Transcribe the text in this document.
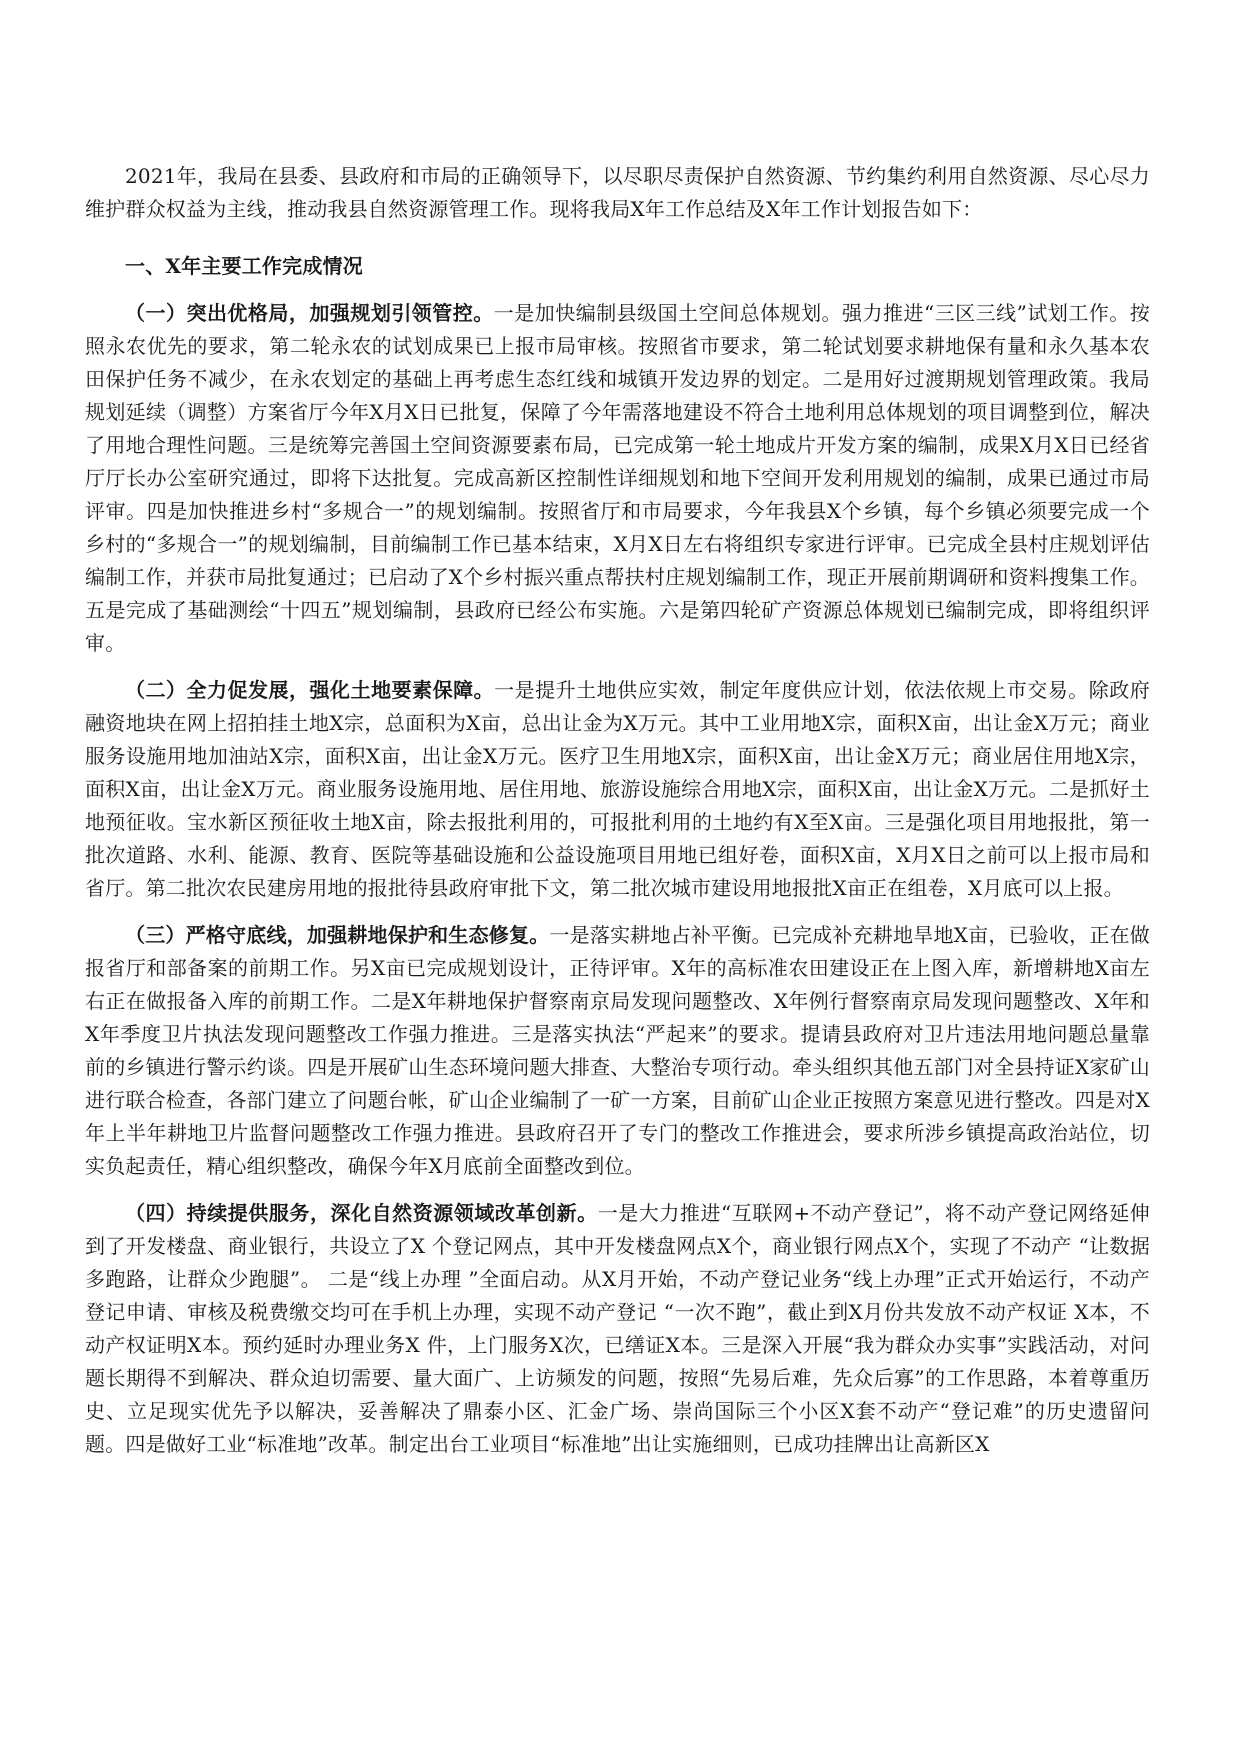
2021年，我局在县委、县政府和市局的正确领导下，以尽职尽责保护自然资源、节约集约利用自然资源、尽心尽力维护群众权益为主线，推动我县自然资源管理工作。现将我局X年工作总结及X年工作计划报告如下：

一、X年主要工作完成情况

（一）突出优格局，加强规划引领管控。一是加快编制县级国土空间总体规划。强力推进“三区三线”试划工作。按照永农优先的要求，第二轮永农的试划成果已上报市局审核。按照省市要求，第二轮试划要求耕地保有量和永久基本农田保护任务不减少，在永农划定的基础上再考虑生态红线和城镇开发边界的划定。二是用好过渡期规划管理政策。我局规划延续（调整）方案省厅今年X月X日已批复，保障了今年需落地建设不符合土地利用总体规划的项目调整到位，解决了用地合理性问题。三是统筹完善国土空间资源要素布局，已完成第一轮土地成片开发方案的编制，成果X月X日已经省厅厅长办公室研究通过，即将下达批复。完成高新区控制性详细规划和地下空间开发利用规划的编制，成果已通过市局评审。四是加快推进乡村“多规合一”的规划编制。按照省厅和市局要求，今年我县X个乡镇，每个乡镇必须要完成一个乡村的“多规合一”的规划编制，目前编制工作已基本结束，X月X日左右将组织专家进行评审。已完成全县村庄规划评估编制工作，并获市局批复通过；已启动了X个乡村振兴重点帮扶村庄规划编制工作，现正开展前期调研和资料搜集工作。五是完成了基础测绘“十四五”规划编制，县政府已经公布实施。六是第四轮矿产资源总体规划已编制完成，即将组织评审。

（二）全力促发展，强化土地要素保障。一是提升土地供应实效，制定年度供应计划，依法依规上市交易。除政府融资地块在网上招拍挂土地X宗，总面积为X亩，总出让金为X万元。其中工业用地X宗，面积X亩，出让金X万元；商业服务设施用地加油站X宗，面积X亩，出让金X万元。医疗卫生用地X宗，面积X亩，出让金X万元；商业居住用地X宗，面积X亩，出让金X万元。商业服务设施用地、居住用地、旅游设施综合用地X宗，面积X亩，出让金X万元。二是抓好土地预征收。宝水新区预征收土地X亩，除去报批利用的，可报批利用的土地约有X至X亩。三是强化项目用地报批，第一批次道路、水利、能源、教育、医院等基础设施和公益设施项目用地已组好卷，面积X亩，X月X日之前可以上报市局和省厅。第二批次农民建房用地的报批待县政府审批下文，第二批次城市建设用地报批X亩正在组卷，X月底可以上报。

（三）严格守底线，加强耕地保护和生态修复。一是落实耕地占补平衡。已完成补充耕地旱地X亩，已验收，正在做报省厅和部备案的前期工作。另X亩已完成规划设计，正待评审。X年的高标准农田建设正在上图入库，新增耕地X亩左右正在做报备入库的前期工作。二是X年耕地保护督察南京局发现问题整改、X年例行督察南京局发现问题整改、X年和X年季度卫片执法发现问题整改工作强力推进。三是落实执法“严起来”的要求。提请县政府对卫片违法用地问题总量靠前的乡镇进行警示约谈。四是开展矿山生态环境问题大排查、大整治专项行动。牵头组织其他五部门对全县持证X家矿山进行联合检查，各部门建立了问题台帐，矿山企业编制了一矿一方案，目前矿山企业正按照方案意见进行整改。四是对X年上半年耕地卫片监督问题整改工作强力推进。县政府召开了专门的整改工作推进会，要求所涉乡镇提高政治站位，切实负起责任，精心组织整改，确保今年X月底前全面整改到位。

（四）持续提供服务，深化自然资源领域改革创新。一是大力推进“互联网+不动产登记”，将不动产登记网络延伸到了开发楼盘、商业银行，共设立了X 个登记网点，其中开发楼盘网点X个，商业银行网点X个，实现了不动产 “让数据多跑路，让群众少跑腿”。 二是“线上办理 ”全面启动。从X月开始，不动产登记业务“线上办理”正式开始运行，不动产登记申请、审核及税费缴交均可在手机上办理，实现不动产登记 “一次不跑”，截止到X月份共发放不动产权证 X本，不动产权证明X本。预约延时办理业务X 件，上门服务X次，已缮证X本。三是深入开展“我为群众办实事”实践活动，对问题长期得不到解决、群众迫切需要、量大面广、上访频发的问题，按照“先易后难，先众后寡”的工作思路，本着尊重历史、立足现实优先予以解决，妥善解决了鼎泰小区、汇金广场、崇尚国际三个小区X套不动产“登记难”的历史遗留问题。四是做好工业“标准地”改革。制定出台工业项目“标准地”出让实施细则，已成功挂牌出让高新区X
